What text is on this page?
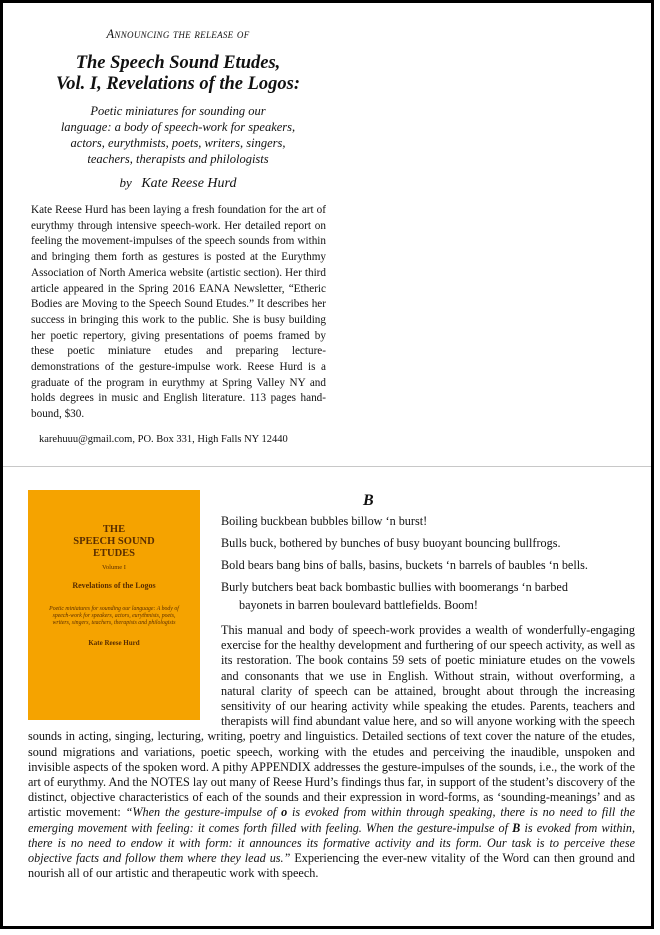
Announcing the release of
The Speech Sound Etudes,
Vol. I, Revelations of the Logos:
Poetic miniatures for sounding our
language: a body of speech-work for speakers,
actors, eurythmists, poets, writers, singers,
teachers, therapists and philologists
by Kate Reese Hurd

Kate Reese Hurd has been laying a fresh foundation for the art of eurythmy through intensive speech-work. Her detailed report on feeling the movement-impulses of the speech sounds from within and bringing them forth as gestures is posted at the Eurythmy Association of North America website (artistic section). Her third article appeared in the Spring 2016 EANA Newsletter, “Etheric Bodies are Moving to the Speech Sound Etudes.” It describes her success in bringing this work to the public. She is busy building her poetic repertory, giving presentations of poems framed by these poetic miniature etudes and preparing lecture-demonstrations of the gesture-impulse work. Reese Hurd is a graduate of the program in eurythmy at Spring Valley NY and holds degrees in music and English literature. 113 pages hand-bound, $30.

karehuuu@gmail.com, PO. Box 331, High Falls NY 12440
THE
SPEECH SOUND
ETUDES
Volume I
Revelations of the Logos
Poetic miniatures for sounding our language: A body of speech-work for speakers, actors, eurythmists, poets, writers, singers, teachers, therapists and philologists
Kate Reese Hurd
B

Boiling buckbean bubbles billow ‘n burst!

Bulls buck, bothered by bunches of busy buoyant bouncing bullfrogs.

Bold bears bang bins of balls, basins, buckets ‘n barrels of baubles ‘n bells.

Burly butchers beat back bombastic bullies with boomerangs ‘n barbed

bayonets in barren boulevard battlefields. Boom!

This manual and body of speech-work provides a wealth of wonderfully-engaging exercise for the healthy development and furthering of our speech activity, as well as its restoration. The book contains 59 sets of poetic miniature etudes on the vowels and consonants that we use in English. Without strain, without overforming, a natural clarity of speech can be attained, brought about through the increasing sensitivity of our hearing activity while speaking the etudes. Parents, teachers and therapists will find abundant value here, and so will anyone working with the speech sounds in acting, singing, lecturing, writing, poetry and linguistics. Detailed sections of text cover the nature of the etudes, sound migrations and variations, poetic speech, working with the etudes and perceiving the inaudible, unspoken and invisible aspects of the spoken word. A pithy APPENDIX addresses the gesture-impulses of the sounds, i.e., the work of the art of eurythmy. And the NOTES lay out many of Reese Hurd’s findings thus far, in support of the student’s discovery of the distinct, objective characteristics of each of the sounds and their expression in word-forms, as ‘sounding-meanings’ and as artistic movement: “When the gesture-impulse of o is evoked from within through speaking, there is no need to fill the emerging movement with feeling: it comes forth filled with feeling. When the gesture-impulse of B is evoked from within, there is no need to endow it with form: it announces its formative activity and its form. Our task is to perceive these objective facts and follow them where they lead us.” Experiencing the ever-new vitality of the Word can then ground and nourish all of our artistic and therapeutic work with speech.
